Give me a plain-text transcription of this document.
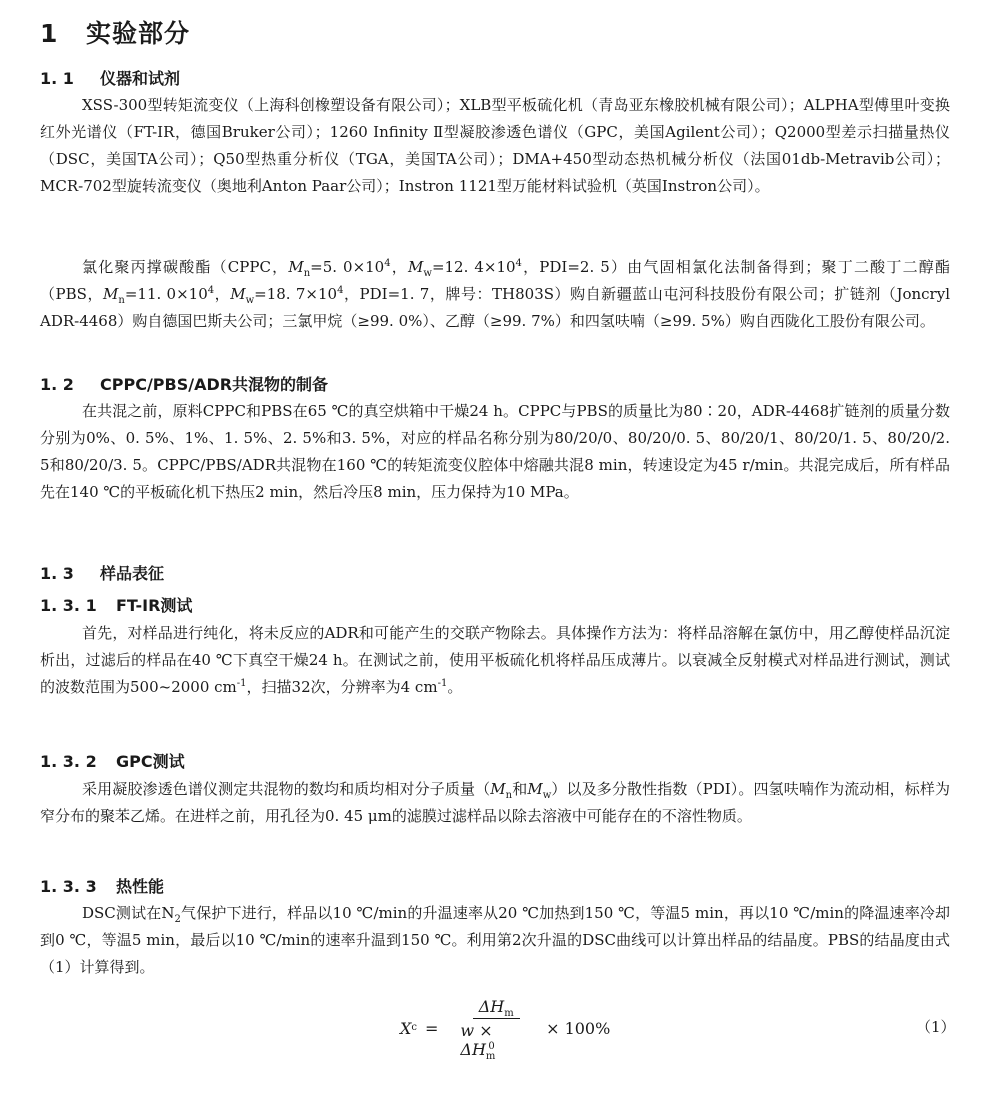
1 实验部分
1. 1 仪器和试剂

XSS-300型转矩流变仪（上海科创橡塑设备有限公司）；XLB型平板硫化机（青岛亚东橡胶机械有限公司）；ALPHA型傅里叶变换红外光谱仪（FT-IR，德国Bruker公司）；1260 Infinity Ⅱ型凝胶渗透色谱仪（GPC，美国Agilent公司）；Q2000型差示扫描量热仪（DSC，美国TA公司）；Q50型热重分析仪（TGA，美国TA公司）；DMA+450型动态热机械分析仪（法国01db-Metravib公司）；MCR-702型旋转流变仪（奥地利Anton Paar公司）；Instron 1121型万能材料试验机（英国Instron公司）。

氯化聚丙撑碳酸酯（CPPC，$M_n=5$. $0\times 10^4$，$M_w=12$. $4\times 10^4$，PDI=2. 5）由气固相氯化法制备得到；聚丁二酸丁二醇酯（PBS，$M_n=11$. $0\times 10^4$，$M_w=18$. $7\times 10^4$，PDI=1. 7，牌号：TH803S）购自新疆蓝山屯河科技股份有限公司；扩链剂（Joncryl ADR-4468）购自德国巴斯夫公司；三氯甲烷（≥99. 0%）、乙醇（≥99. 7%）和四氢呋喃（≥99. 5%）购自西陇化工股份有限公司。

1. 2 CPPC/PBS/ADR共混物的制备

在共混之前，原料CPPC和PBS在65 ℃的真空烘箱中干燥24 h。CPPC与PBS的质量比为80∶20，ADR-4468扩链剂的质量分数分别为0%、0. 5%、1%、1. 5%、2. 5%和3. 5%，对应的样品名称分别为80/20/0、80/20/0. 5、80/20/1、80/20/1. 5、80/20/2. 5和80/20/3. 5。CPPC/PBS/ADR共混物在160 ℃的转矩流变仪腔体中熔融共混8 min，转速设定为45 r/min。共混完成后，所有样品先在140 ℃的平板硫化机下热压2 min，然后冷压8 min，压力保持为10 MPa。

1. 3 样品表征
1. 3. 1 FT-IR测试

首先，对样品进行纯化，将未反应的ADR和可能产生的交联产物除去。具体操作方法为：将样品溶解在氯仿中，用乙醇使样品沉淀析出，过滤后的样品在40 ℃下真空干燥24 h。在测试之前，使用平板硫化机将样品压成薄片。以衰减全反射模式对样品进行测试，测试的波数范围为500~2000 $cm^{-1}$，扫描32次，分辨率为4 $cm^{-1}$。

1. 3. 2 GPC测试

采用凝胶渗透色谱仪测定共混物的数均和质均相对分子质量（$M_n$和$M_w$）以及多分散性指数（PDI）。四氢呋喃作为流动相，标样为窄分布的聚苯乙烯。在进样之前，用孔径为0. 45 μm的滤膜过滤样品以除去溶液中可能存在的不溶性物质。

1. 3. 3 热性能

DSC测试在$N_2$气保护下进行，样品以10 ℃/min的升温速率从20 ℃加热到150 ℃，等温5 min，再以10 ℃/min的降温速率冷却到0 ℃，等温5 min，最后以10 ℃/min的速率升温到150 ℃。利用第2次升温的DSC曲线可以计算出样品的结晶度。PBS的结晶度由式（1）计算得到。

X $c = \frac{\Delta H_m}{w \times \Delta H_m^0} \times 100\%$	（1）
